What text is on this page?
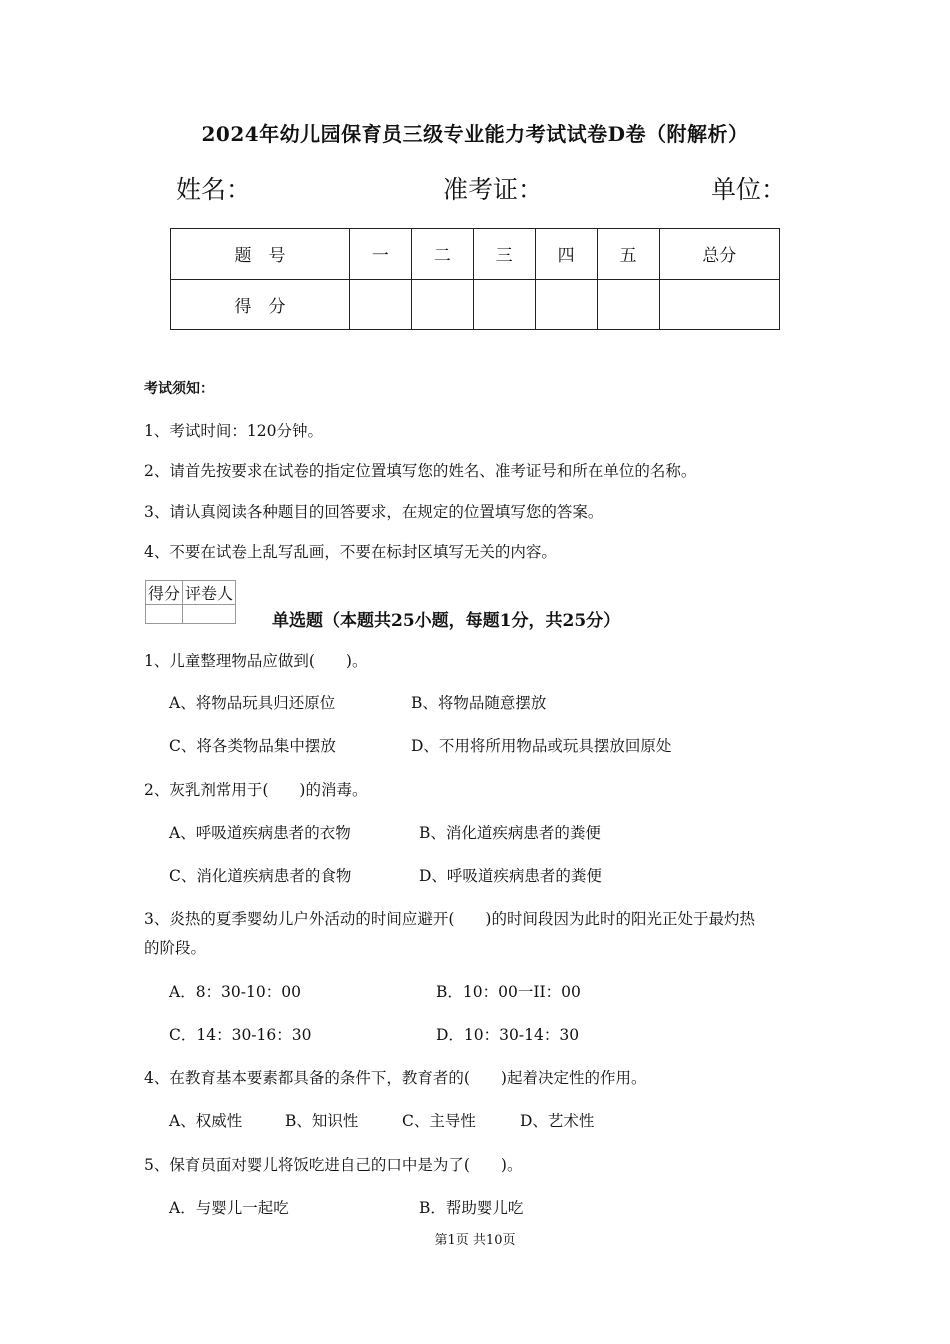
2024年幼儿园保育员三级专业能力考试试卷D卷（附解析）
姓名：	准考证：	单位：
题　号	一	二	三	四	五	总分
得　分						
考试须知：
1、考试时间：120分钟。
2、请首先按要求在试卷的指定位置填写您的姓名、准考证号和所在单位的名称。
3、请认真阅读各种题目的回答要求，在规定的位置填写您的答案。
4、不要在试卷上乱写乱画，不要在标封区填写无关的内容。
得分	评卷人

单选题（本题共25小题，每题1分，共25分）
1、儿童整理物品应做到(　　)。
A、将物品玩具归还原位	B、将物品随意摆放
C、将各类物品集中摆放	D、不用将所用物品或玩具摆放回原处
2、灰乳剂常用于(　　)的消毒。
A、呼吸道疾病患者的衣物	B、消化道疾病患者的粪便
C、消化道疾病患者的食物	D、呼吸道疾病患者的粪便
3、炎热的夏季婴幼儿户外活动的时间应避开(　　)的时间段因为此时的阳光正处于最灼热
的阶段。
A．8：30-10：00	B．10：00一II：00
C．14：30-16：30	D．10：30-14：30
4、在教育基本要素都具备的条件下，教育者的(　　)起着决定性的作用。
A、权威性	B、知识性	C、主导性	D、艺术性
5、保育员面对婴儿将饭吃进自己的口中是为了(　　)。
A．与婴儿一起吃	B．帮助婴儿吃
第1页 共10页
